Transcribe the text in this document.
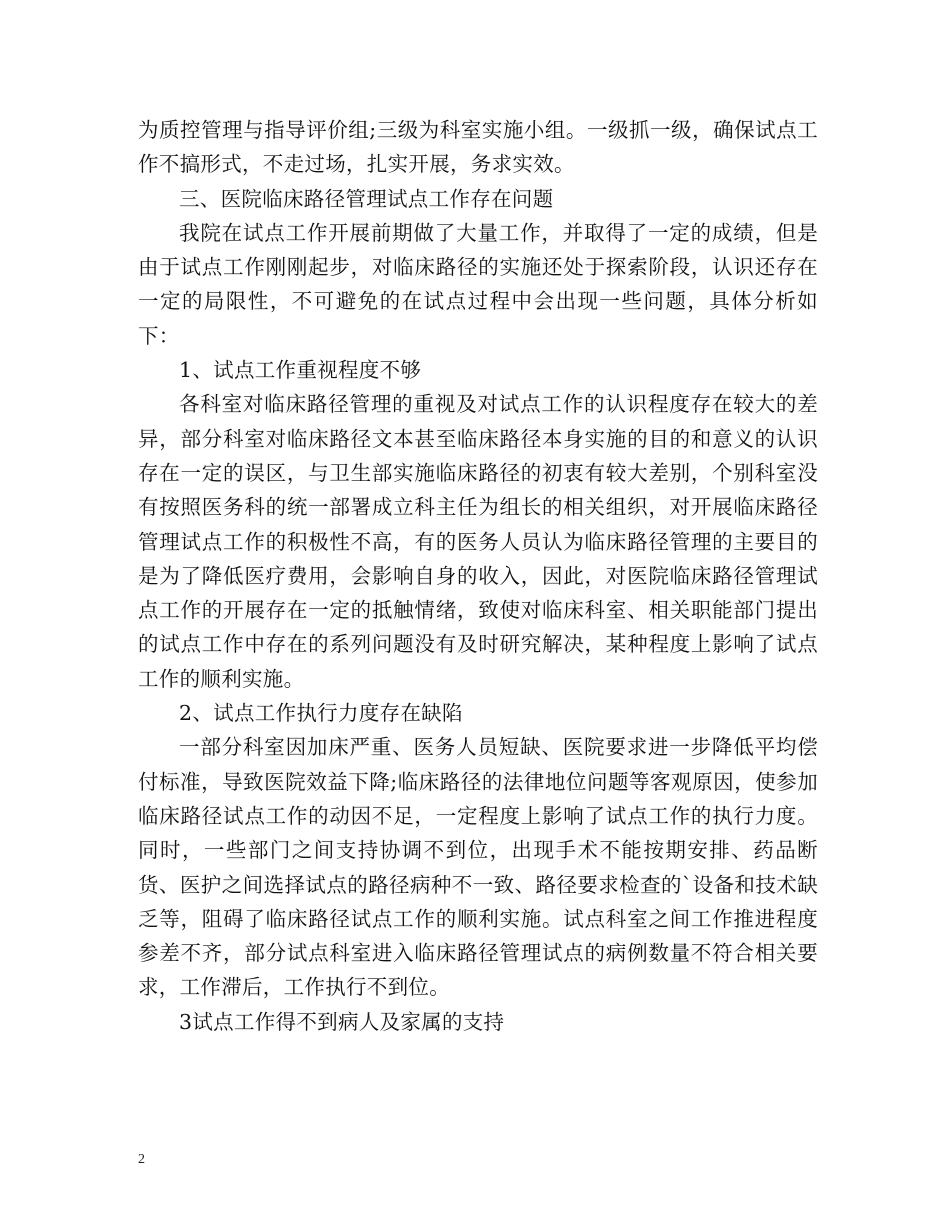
为质控管理与指导评价组;三级为科室实施小组。一级抓一级，确保试点工作不搞形式，不走过场，扎实开展，务求实效。

三、医院临床路径管理试点工作存在问题

我院在试点工作开展前期做了大量工作，并取得了一定的成绩，但是由于试点工作刚刚起步，对临床路径的实施还处于探索阶段，认识还存在一定的局限性，不可避免的在试点过程中会出现一些问题，具体分析如下：

1、试点工作重视程度不够

各科室对临床路径管理的重视及对试点工作的认识程度存在较大的差异，部分科室对临床路径文本甚至临床路径本身实施的目的和意义的认识存在一定的误区，与卫生部实施临床路径的初衷有较大差别，个别科室没有按照医务科的统一部署成立科主任为组长的相关组织，对开展临床路径管理试点工作的积极性不高，有的医务人员认为临床路径管理的主要目的是为了降低医疗费用，会影响自身的收入，因此，对医院临床路径管理试点工作的开展存在一定的抵触情绪，致使对临床科室、相关职能部门提出的试点工作中存在的系列问题没有及时研究解决，某种程度上影响了试点工作的顺利实施。

2、试点工作执行力度存在缺陷

一部分科室因加床严重、医务人员短缺、医院要求进一步降低平均偿付标准，导致医院效益下降;临床路径的法律地位问题等客观原因，使参加临床路径试点工作的动因不足，一定程度上影响了试点工作的执行力度。同时，一些部门之间支持协调不到位，出现手术不能按期安排、药品断货、医护之间选择试点的路径病种不一致、路径要求检查的`设备和技术缺乏等，阻碍了临床路径试点工作的顺利实施。试点科室之间工作推进程度参差不齐，部分试点科室进入临床路径管理试点的病例数量不符合相关要求，工作滞后，工作执行不到位。

3试点工作得不到病人及家属的支持

2
